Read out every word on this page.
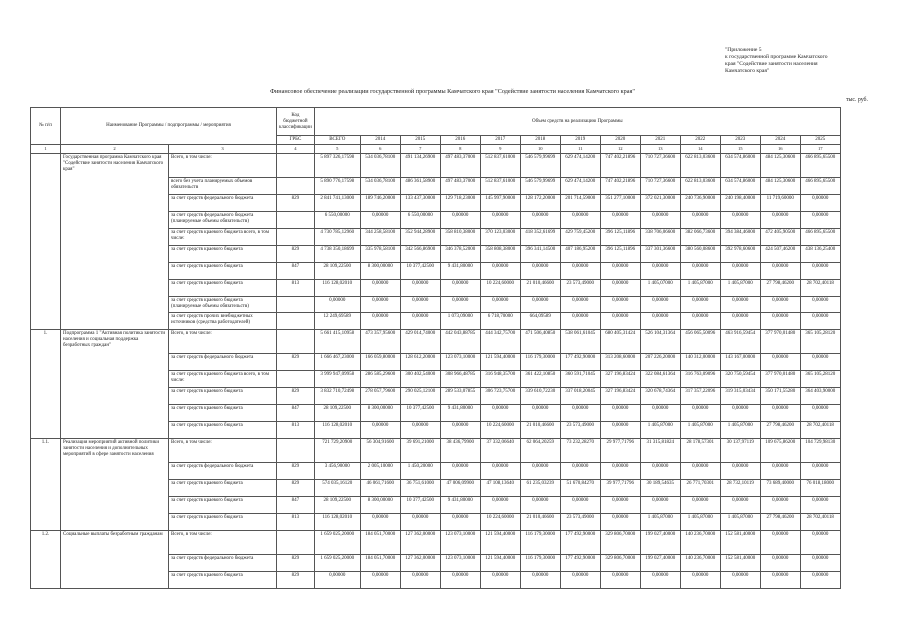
"Приложение 5
к государственной программе Камчатского
края "Содействие занятости населения
Камчатского края"
Финансовое обеспечение реализации государственной программы Камчатского края "Содействие занятости населения Камчатского края"
тыс. руб.
№ п/п	Наименование Программы / подпрограммы / мероприятия		Код бюджетной классификации	Объем средств на реализацию Программы												
			ГРБС	ВСЕГО	2014	2015	2016	2017	2018	2019	2020	2021	2022	2023	2024	2025
1	2	3	4	5	6	7	8	9	10	11	12	13	14	15	16	17
	Государственная программа Камчатского края "Содействие занятости населения Камчатского края"	Всего, в том числе:		5 897 326,17598	534 036,78100	491 134,26900	497 483,37000	512 837,61000	546 579,99699	629 474,14200	747 402,21896	710 727,36600	622 813,03600	634 574,86000	484 125,30600	466 895,65500
		всего без учета планируемых объемов обязательств		5 890 776,17598	534 036,78100	486 361,58900	497 483,37000	512 837,61000	546 579,99699	629 474,14200	747 402,21896	710 727,36600	622 813,03600	634 574,86000	484 125,30600	466 895,65500
		за счет средств федерального бюджета	829	2 841 741,13000	189 746,20000	133 437,30000	129 718,23000	145 997,90000	128 172,20000	201 714,59000	351 277,10000	372 021,30000	240 736,90000	240 198,40000	11 719,60000	0,00000
		за счет средств федерального бюджета (планируемые объемы обязательств)		6 550,00000	0,00000	6 550,00000	0,00000	0,00000	0,00000	0,00000	0,00000	0,00000	0,00000	0,00000	0,00000	0,00000
		за счет средств краевого бюджета всего, в том числе:		4 730 785,12960	344 258,58100	352 944,28900	358 810,38000	370 123,03000	418 352,61699	429 759,45200	396 125,11896	338 706,06600	382 066,73600	394 384,46000	472 405,90500	466 895,65500
		за счет средств краевого бюджета	829	4 738 350,18699	335 978,58100	342 566,86900	346 378,52000	358 808,38000	396 341,14500	407 186,95200	396 125,11896	337 301,36600	380 560,08600	392 978,60600	424 507,46200	438 136,25400
		за счет средств краевого бюджета	847	28 109,22500	8 300,00000	10 377,42500	9 431,80000	0,00000	0,00000	0,00000	0,00000	0,00000	0,00000	0,00000	0,00000	0,00000
		за счет средств краевого бюджета	813	116 128,02010	0,00000	0,00000	0,00000	10 224,60000	21 010,46600	23 573,49000	0,00000	1 405,07000	1 405,87000	1 405,87000	27 798,46200	28 702,40118
		за счет средств краевого бюджета (планируемые объемы обязательств)		0,00000	0,00000	0,00000	0,00000	0,00000	0,00000	0,00000	0,00000	0,00000	0,00000	0,00000	0,00000	0,00000
		за счет средств прочих внебюджетных источников (средства работодателей)		12 249,69589	0,00000	0,00000	1 073,09000	6 718,70000	664,09589	0,00000	0,00000	0,00000	0,00000	0,00000	0,00000	0,00000
1.	Подпрограмма 1 "Активная политика занятости населения и социальная поддержка безработных граждан"	Всего, в том числе:		5 661 415,10958	473 357,95600	429 014,74000	442 043,88785	444 342,75700	471 506,40850	538 061,61045	680 405,31424	526 104,31364	456 065,50096	463 916,59454	377 970,01480	365 105,28120
		за счет средств федерального бюджета	829	1 666 467,23000	166 059,80000	128 612,20000	123 073,10000	121 594,40000	116 179,30000	177 492,90000	313 208,60000	207 226,20000	140 312,00000	143 167,00000	0,00000	0,00000
		за счет средств краевого бюджета всего, в том числе:		3 999 947,09958	286 585,29600	300 402,54000	308 966,48785	316 948,35700	361 422,10850	360 591,71045	327 196,83424	322 084,61364	316 763,09096	320 750,59454	377 970,01480	365 105,28120
		за счет средств краевого бюджета	829	3 832 710,72498	278 057,79600	290 025,12100	289 533,07855	306 723,75700	339 610,72230	337 018,20045	327 196,83424	320 678,74364	317 357,22096	319 315,03434	350 171,55280	364 403,90000
		за счет средств краевого бюджета	847	28 109,22500	8 300,00000	10 377,42500	9 431,80000	0,00000	0,00000	0,00000	0,00000	0,00000	0,00000	0,00000	0,00000	0,00000
		за счет средств краевого бюджета	813	116 128,02010	0,00000	0,00000	0,00000	10 224,60000	21 010,46600	23 573,49000	0,00000	1 405,87000	1 405,87000	1 405,87000	27 798,46200	28 702,40118
1.1.	Реализация мероприятий активной политики занятости населения и дополнительных мероприятий в сфере занятости населения	Всего, в том числе:		721 729,20900	56 304,91600	39 691,21000	38 436,79900	37 332,06640	62 064,20259	73 232,28270	29 977,71796	31 315,81824	28 178,57301	30 137,97119	109 675,86200	104 729,98130
		за счет средств федерального бюджета	829	3 456,90000	2 005,10000	1 450,20000	0,00000	0,00000	0,00000	0,00000	0,00000	0,00000	0,00000	0,00000	0,00000	0,00000
		за счет средств краевого бюджета	829	574 035,16120	46 061,71600	36 751,61000	47 006,09900	47 108,13640	61 235,03239	51 670,84270	39 977,71796	30 189,54635	26 771,70301	28 732,10119	73 689,40000	76 018,18000
		за счет средств краевого бюджета	847	28 109,22500	8 300,00000	10 377,42500	9 431,80000	0,00000	0,00000	0,00000	0,00000	0,00000	0,00000	0,00000	0,00000	0,00000
		за счет средств краевого бюджета	813	116 128,02010	0,00000	0,00000	0,00000	10 224,60000	21 010,46600	23 573,49000	0,00000	1 405,87000	1 405,87000	1 405,87000	27 798,46200	28 702,40118
1.2.	Социальные выплаты безработным гражданам	Всего, в том числе:		1 659 025,20000	184 051,70000	127 362,00000	123 073,10000	121 594,40000	116 179,30000	177 492,90000	329 806,70000	199 027,40000	140 236,70000	152 581,40000	0,00000	0,00000
		за счет средств федерального бюджета	829	1 659 025,20000	184 051,70000	127 362,00000	123 073,10000	121 594,40000	116 179,30000	177 492,90000	329 806,70000	199 027,40000	140 236,70000	152 581,40000	0,00000	0,00000
		за счет средств краевого бюджета	829	0,00000	0,00000	0,00000	0,00000	0,00000	0,00000	0,00000	0,00000	0,00000	0,00000	0,00000	0,00000	0,00000
